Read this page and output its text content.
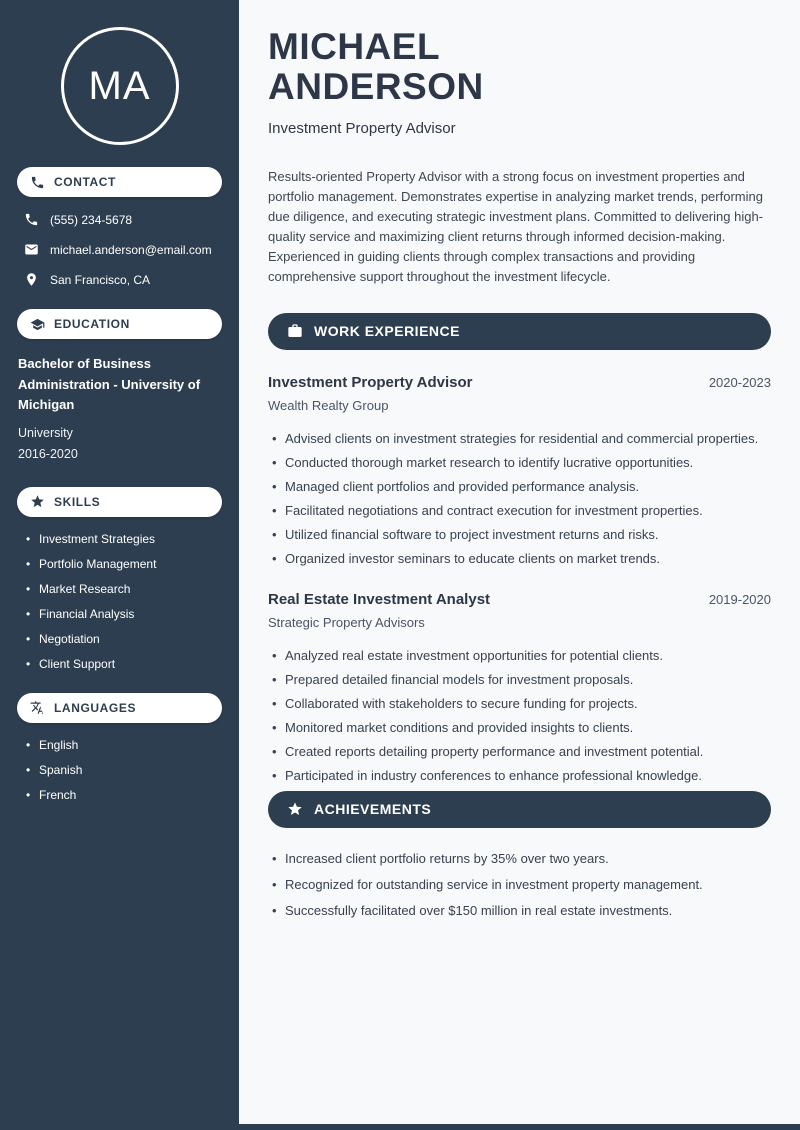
MA
CONTACT
(555) 234-5678
michael.anderson@email.com
San Francisco, CA
EDUCATION
Bachelor of Business Administration - University of Michigan
University
2016-2020
SKILLS
• Investment Strategies
• Portfolio Management
• Market Research
• Financial Analysis
• Negotiation
• Client Support
LANGUAGES
• English
• Spanish
• French
MICHAEL ANDERSON
Investment Property Advisor

Results-oriented Property Advisor with a strong focus on investment properties and portfolio management. Demonstrates expertise in analyzing market trends, performing due diligence, and executing strategic investment plans. Committed to delivering high-quality service and maximizing client returns through informed decision-making. Experienced in guiding clients through complex transactions and providing comprehensive support throughout the investment lifecycle.

WORK EXPERIENCE
Investment Property Advisor	2020-2023
Wealth Realty Group
• Advised clients on investment strategies for residential and commercial properties.
• Conducted thorough market research to identify lucrative opportunities.
• Managed client portfolios and provided performance analysis.
• Facilitated negotiations and contract execution for investment properties.
• Utilized financial software to project investment returns and risks.
• Organized investor seminars to educate clients on market trends.
Real Estate Investment Analyst	2019-2020
Strategic Property Advisors
• Analyzed real estate investment opportunities for potential clients.
• Prepared detailed financial models for investment proposals.
• Collaborated with stakeholders to secure funding for projects.
• Monitored market conditions and provided insights to clients.
• Created reports detailing property performance and investment potential.
• Participated in industry conferences to enhance professional knowledge.
ACHIEVEMENTS
• Increased client portfolio returns by 35% over two years.
• Recognized for outstanding service in investment property management.
• Successfully facilitated over $150 million in real estate investments.
